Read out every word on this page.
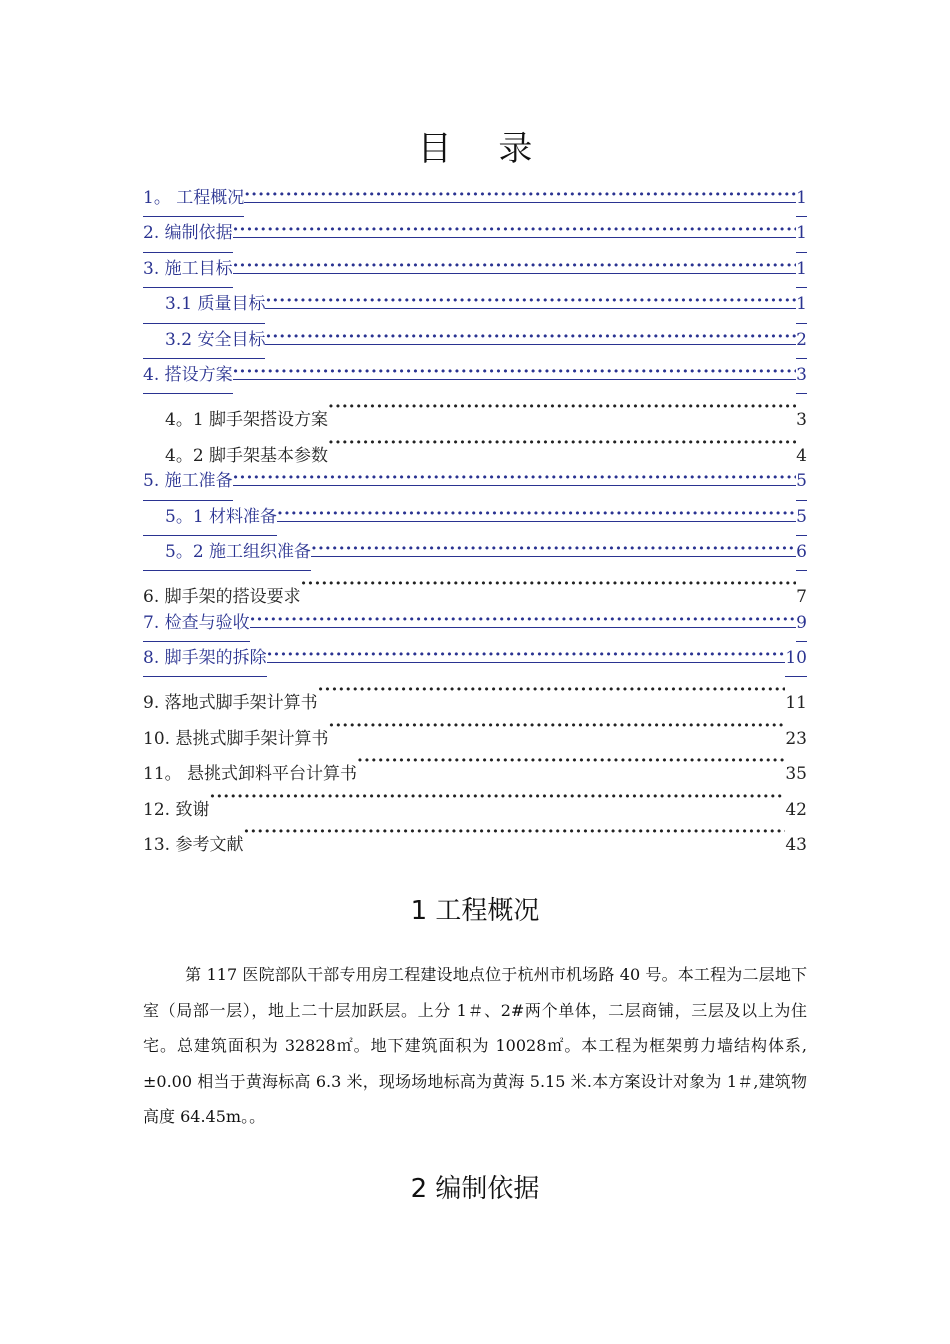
目 录
1。 工程概况 ·····	1
2. 编制依据 ·····	1
3. 施工目标 ·····	1
3.1 质量目标 ·····	1
3.2 安全目标 ·····	2
4. 搭设方案 ·····	3
4。1 脚手架搭设方案 ·····	3
4。2 脚手架基本参数 ·····	4
5. 施工准备 ·····	5
5。1 材料准备 ·····	5
5。2 施工组织准备 ·····	6
6. 脚手架的搭设要求 ·····	7
7. 检查与验收 ·····	9
8. 脚手架的拆除 ·····	10
9. 落地式脚手架计算书 ·····	11
10. 悬挑式脚手架计算书 ·····	23
11。 悬挑式卸料平台计算书 ·····	35
12. 致谢 ·····	42
13. 参考文献 ·····	43
1 工程概况

第 117 医院部队干部专用房工程建设地点位于杭州市机场路 40 号。本工程为二层地下室（局部一层），地上二十层加跃层。上分 1＃、2#两个单体，二层商铺，三层及以上为住宅。总建筑面积为 32828㎡。地下建筑面积为 10028㎡。本工程为框架剪力墙结构体系,±0.00 相当于黄海标高 6.3 米，现场场地标高为黄海 5.15 米.本方案设计对象为 1＃,建筑物高度 64.45m。。

2 编制依据
